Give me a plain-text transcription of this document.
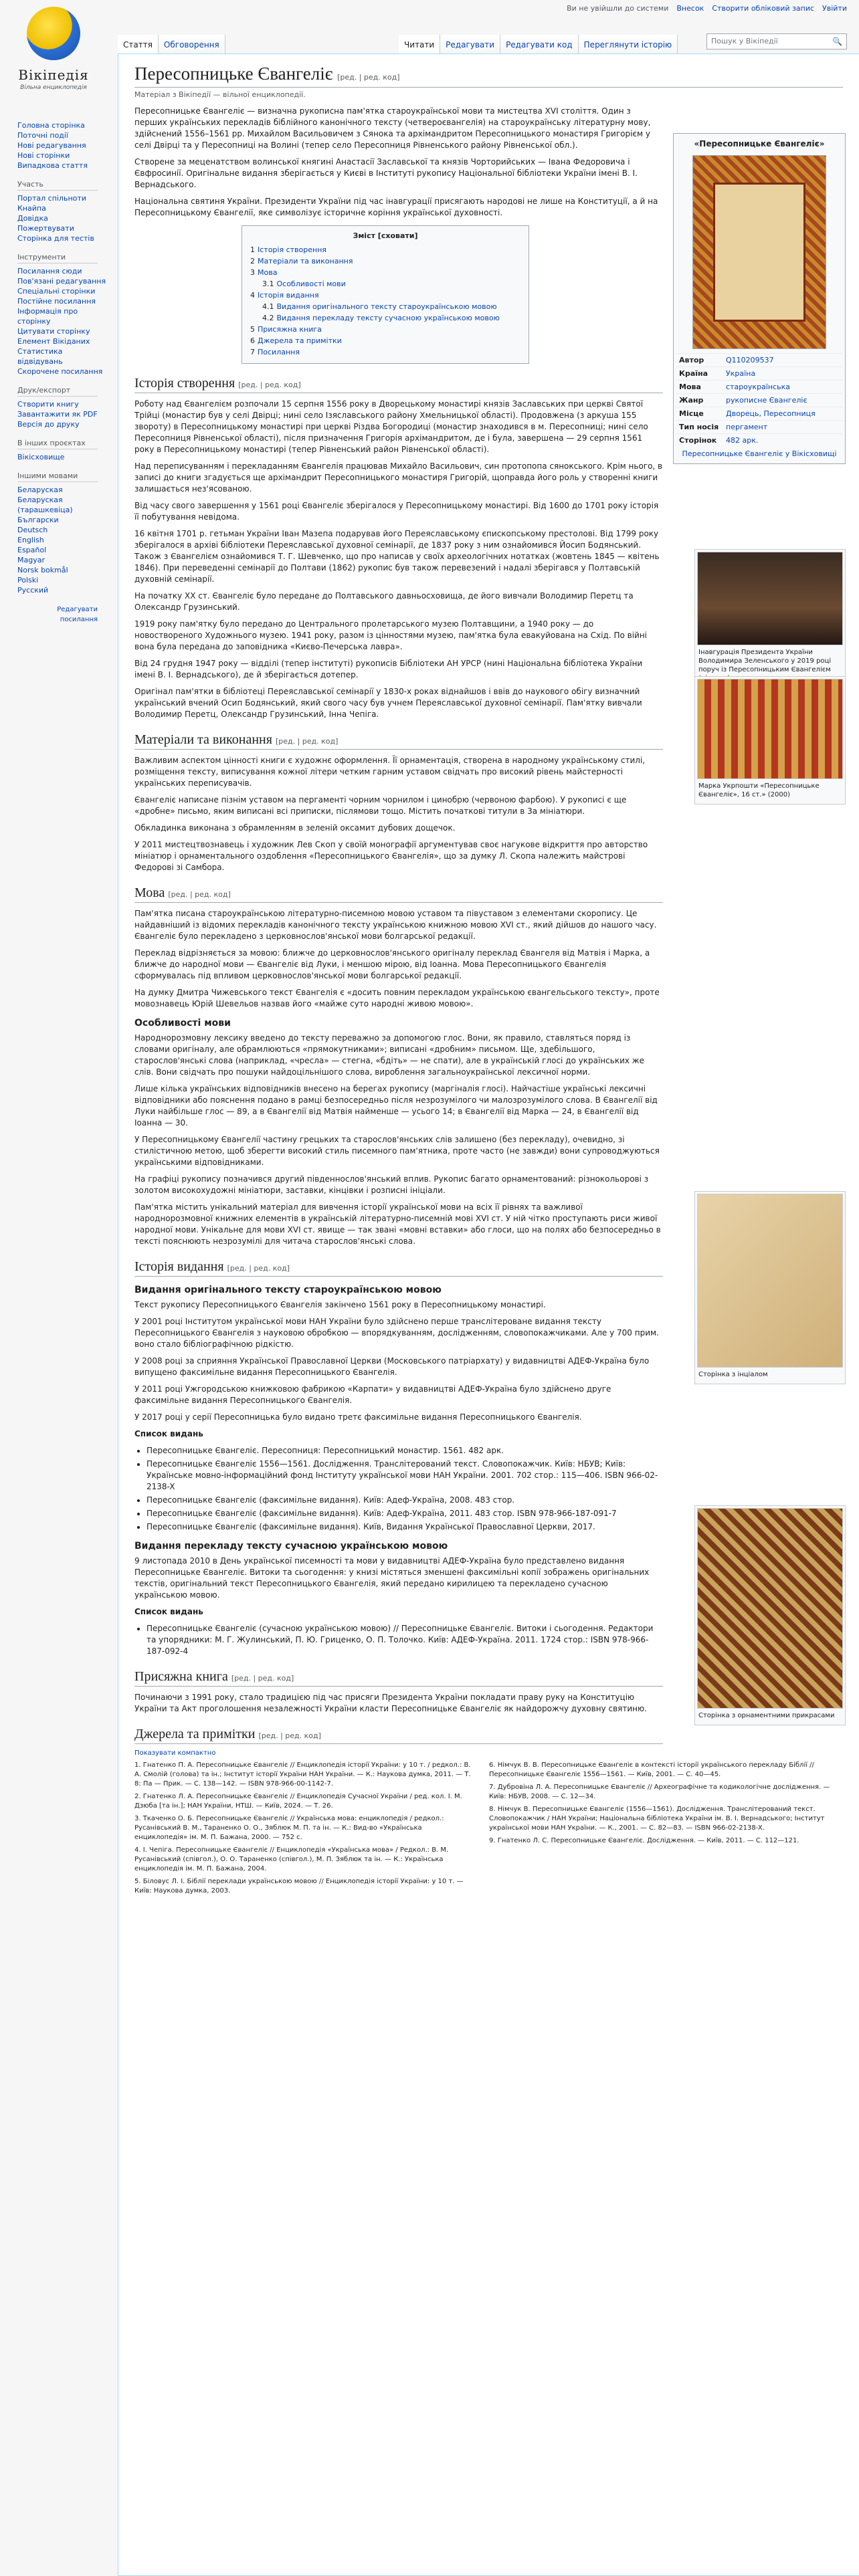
Вікіпедія
Вільна енциклопедія
Ви не увійшли до системи Внесок Створити обліковий запис Увійти
Стаття	Обговорення	Читати	Редагувати	Редагувати код	Переглянути історію	Пошук у Вікіпедії	🔍
Головна сторінка
Поточні події
Нові редагування
Нові сторінки
Випадкова стаття
Участь
Портал спільноти
Кнайпа
Довідка
Пожертвувати
Сторінка для тестів
Інструменти
Посилання сюди
Пов'язані редагування
Спеціальні сторінки
Постійне посилання
Інформація про сторінку
Цитувати сторінку
Елемент Вікіданих
Статистика відвідувань
Скорочене посилання
Друк/експорт
Створити книгу
Завантажити як PDF
Версія до друку
В інших проєктах
Вікісховище
Іншими мовами
Беларуская
Беларуская (тарашкевіца)
Български
Deutsch
English
Español
Magyar
Norsk bokmål
Polski
Русский
Редагувати посилання
Пересопницьке Євангеліє [ред. | ред. код]
Матеріал з Вікіпедії — вільної енциклопедії.
«Пересопницьке Євангеліє»
Автор	Q110209537
Країна	Україна
Мова	староукраїнська
Жанр	рукописне Євангеліє
Місце	Дворець, Пересопниця
Тип носія	пергамент
Сторінок	482 арк.
Пересопницьке Євангеліє у Вікісховищі
Інавгурація Президента України Володимира Зеленського у 2019 році поруч із Пересопницьким Євангелієм
Марка Укрпошти «Пересопницьке Євангеліє», 16 ст.» (2000)
Сторінка з інціалом
Сторінка з орнаментними прикрасами

Пересопницьке Євангеліє — визначна рукописна пам'ятка староукраїнської мови та мистецтва XVI століття. Один з перших українських перекладів біблійного канонічного тексту (четвероєвангелія) на староукраїнську літературну мову, здійснений 1556–1561 рр. Михайлом Васильовичем з Сянока та архімандритом Пересопницького монастиря Григорієм у селі Двірці та у Пересопниці на Волині (тепер село Пересопниця Рівненського району Рівненської обл.).

Створене за меценатством волинської княгині Анастасії Заславської та князів Чорторийських — Івана Федоровича і Євфросинії. Оригінальне видання зберігається у Києві в Інституті рукопису Національної бібліотеки України імені В. І. Вернадського.

Національна святиня України. Президенти України під час інавгурації присягають народові не лише на Конституції, а й на Пересопницькому Євангелії, яке символізує історичне коріння української духовності.

Зміст [сховати]
1 Історія створення
2 Матеріали та виконання
3 Мова
3.1 Особливості мови
4 Історія видання
4.1 Видання оригінального тексту староукраїнською мовою
4.2 Видання перекладу тексту сучасною українською мовою
5 Присяжна книга
6 Джерела та примітки
7 Посилання
Історія створення [ред. | ред. код]

Роботу над Євангелієм розпочали 15 серпня 1556 року в Дворецькому монастирі князів Заславських при церкві Святої Трійці (монастир був у селі Двірці; нині село Ізяславського району Хмельницької області). Продовжена (з аркуша 155 звороту) в Пересопницькому монастирі при церкві Різдва Богородиці (монастир знаходився в м. Пересопниці; нині село Пересопниця Рівненської області), після призначення Григорія архімандритом, де і була, завершена — 29 серпня 1561 року в Пересопницькому монастирі (тепер Рівненський район Рівненської області).

Над переписуванням і перекладанням Євангелія працював Михайло Васильович, син протопопа сянокського. Крім нього, в записі до книги згадується ще архімандрит Пересопницького монастиря Григорій, щоправда його роль у створенні книги залишається нез'ясованою.

Від часу свого завершення у 1561 році Євангеліє зберігалося у Пересопницькому монастирі. Від 1600 до 1701 року історія її побутування невідома.

16 квітня 1701 р. гетьман України Іван Мазепа подарував його Переяславському єпископському престолові. Від 1799 року зберігалося в архіві бібліотеки Переяславської духовної семінарії, де 1837 року з ним ознайомився Йосип Бодянський. Також з Євангелієм ознайомився Т. Г. Шевченко, що про написав у своїх археологічних нотатках (жовтень 1845 — квітень 1846). При переведенні семінарії до Полтави (1862) рукопис був також перевезений і надалі зберігався у Полтавській духовній семінарії.

На початку XX ст. Євангеліє було передане до Полтавського давньосховища, де його вивчали Володимир Перетц та Олександр Грузинський.

1919 року пам'ятку було передано до Центрального пролетарського музею Полтавщини, а 1940 року — до новоствореного Художнього музею. 1941 року, разом із цінностями музею, пам'ятка була евакуйована на Схід. По війні вона була передана до заповідника «Києво-Печерська лавра».

Від 24 грудня 1947 року — відділі (тепер інституті) рукописів Бібліотеки АН УРСР (нині Національна бібліотека України імені В. І. Вернадського), де й зберігається дотепер.

Оригінал пам'ятки в бібліотеці Переяславської семінарії у 1830-х роках віднайшов і ввів до наукового обігу визначний український вчений Осип Бодянський, який свого часу був учнем Переяславської духовної семінарії. Пам'ятку вивчали Володимир Перетц, Олександр Грузинський, Інна Чепіга.

Матеріали та виконання [ред. | ред. код]

Важливим аспектом цінності книги є художнє оформлення. Її орнаментація, створена в народному українському стилі, розміщення тексту, виписування кожної літери четким гарним уставом свідчать про високий рівень майстерності українських переписувачів.

Євангеліє написане пізнім уставом на пергаменті чорним чорнилом і цинобрю (червоною фарбою). У рукописі є ще «дробне» письмо, яким виписані всі приписки, післямови тощо. Містить початкові титули в 3а мініатюри.

Обкладинка виконана з обрамленням в зеленій оксамит дубових дощечок.

У 2011 мистецтвознавець і художник Лев Скоп у своїй монографії аргументував своє нагукове відкриття про авторство мініатюр і орнаментального оздоблення «Пересопницького Євангелія», що за думку Л. Скопа належить майстрові Федорові зі Самбора.

Мова [ред. | ред. код]

Пам'ятка писана староукраїнською літературно-писемною мовою уставом та півуставом з елементами скоропису. Це найдавніший із відомих перекладів канонічного тексту українською книжною мовою XVI ст., який дійшов до нашого часу. Євангеліє було перекладено з церковнослов'янської мови болгарської редакції.

Переклад відрізняється за мовою: ближче до церковнослов'янського оригіналу переклад Євангеля від Матвія і Марка, а ближче до народної мови — Євангеліє від Луки, і меншою мірою, від Іоанна. Мова Пересопницького Євангелія сформувалась під впливом церковнослов'янської мови болгарської редакції.

На думку Дмитра Чижевського текст Євангелія є «досить повним перекладом українською євангельського тексту», проте мовознавець Юрій Шевельов назвав його «майже суто народні живою мовою».

Особливості мови

Народнорозмовну лексику введено до тексту переважно за допомогою глос. Вони, як правило, ставляться поряд із словами оригіналу, але обрамлюються «прямокутниками»; виписані «дробним» письмом. Ще, здебільшого, старослов'янські слова (наприклад, «чресла» — стегна, «бдіть» — не спати), але в українській глосі до українських же слів. Вони свідчать про пошуки найдоцільнішого слова, вироблення загальноукраїнської лексичної норми.

Лише кілька українських відповідників внесено на берегах рукопису (маргіналія глосі). Найчастіше українські лексичні відповідники або пояснення подано в рамці безпосередньо після незрозумілого чи малозрозумілого слова. В Євангелії від Луки найбільше глос — 89, а в Євангелії від Матвія найменше — усього 14; в Євангелії від Марка — 24, в Євангелії від Іоанна — 30.

У Пересопницькому Євангелії частину грецьких та старослов'янських слів залишено (без перекладу), очевидно, зі стилістичною метою, щоб зберегти високий стиль писемного пам'ятника, проте часто (не завжди) вони супроводжуються українськими відповідниками.

На графіці рукопису позначився другий південнослов'янський вплив. Рукопис багато орнаментований: різнокольорові з золотом високохудожні мініатюри, заставки, кінцівки і розписні ініціали.

Пам'ятка містить унікальний матеріал для вивчення історії української мови на всіх її рівнях та важливої народнорозмовної книжних елементів в українській літературно-писемній мові XVI ст. У ній чітко проступають риси живої народної мови. Унікальне для мови XVI ст. явище — так звані «мовні вставки» або глоси, що на полях або безпосередньо в тексті пояснюють незрозумілі для читача старослов'янські слова.

Історія видання [ред. | ред. код]
Видання оригінального тексту староукраїнською мовою

Текст рукопису Пересопницького Євангелія закінчено 1561 року в Пересопницькому монастирі.

У 2001 році Інститутом української мови НАН України було здійснено перше транслітероване видання тексту Пересопницького Євангелія з науковою обробкою — впорядкуванням, дослідженням, словопокажчиками. Але у 700 прим. воно стало бібліографічною рідкістю.

У 2008 році за сприяння Української Православної Церкви (Московського патріархату) у видавництві АДЕФ-Україна було випущено факсимільне видання Пересопницького Євангелія.

У 2011 році Ужгородською книжковою фабрикою «Карпати» у видавництві АДЕФ-Україна було здійснено друге факсимільне видання Пересопницького Євангелія.

У 2017 році у серії Пересопницька було видано третє факсимільне видання Пересопницького Євангелія.

Список видань

• Пересопницьке Євангеліє. Пересопниця: Пересопницький монастир. 1561. 482 арк.
• Пересопницьке Євангеліє 1556—1561. Дослідження. Транслітерований текст. Словопокажчик. Київ: НБУВ; Київ: Українське мовно-інформаційний фонд Інституту української мови НАН України. 2001. 702 стор.: 115—406. ISBN 966-02-2138-X
• Пересопницьке Євангеліє (факсимільне видання). Київ: Адеф-Україна, 2008. 483 стор.
• Пересопницьке Євангеліє (факсимільне видання). Київ: Адеф-Україна, 2011. 483 стор. ISBN 978-966-187-091-7
• Пересопницьке Євангеліє (факсимільне видання). Київ, Видання Української Православної Церкви, 2017.
Видання перекладу тексту сучасною українською мовою

9 листопада 2010 в День української писемності та мови у видавництві АДЕФ-Україна було представлено видання Пересопницьке Євангеліє. Витоки та сьогодення: у книзі містяться зменшені факсимільні копії зображень оригінальних текстів, оригінальний текст Пересопницького Євангелія, який передано кирилицею та перекладено сучасною українською мовою.

Список видань

• Пересопницьке Євангеліє (сучасною українською мовою) // Пересопницьке Євангеліє. Витоки і сьогодення. Редактори та упорядники: М. Г. Жулинський, П. Ю. Гриценко, О. П. Толочко. Київ: АДЕФ-Україна. 2011. 1724 стор.: ISBN 978-966-187-092-4
Присяжна книга [ред. | ред. код]

Починаючи з 1991 року, стало традицією під час присяги Президента України покладати праву руку на Конституцію України та Акт проголошення незалежності України класти Пересопницьке Євангеліє як найдорожчу духовну святиню.

Джерела та примітки [ред. | ред. код]
Показувати компактно
1. Гнатенко П. А. Пересопницьке Євангеліє // Енциклопедія історії України: у 10 т. / редкол.: В. А. Смолій (голова) та ін.; Інститут історії України НАН України. — К.: Наукова думка, 2011. — Т. 8: Па — Прик. — С. 138—142. — ISBN 978-966-00-1142-7.
2. Гнатенко Л. А. Пересопницьке Євангеліє // Енциклопедія Сучасної України / ред. кол. І. М. Дзюба [та ін.]; НАН України, НТШ. — Київ, 2024. — Т. 26.
3. Ткаченко О. Б. Пересопницьке Євангеліє // Українська мова: енциклопедія / редкол.: Русанівський В. М., Тараненко О. О., Зяблюк М. П. та ін. — К.: Вид-во «Українська енциклопедія» ім. М. П. Бажана, 2000. — 752 с.
4. І. Чепіга. Пересопницьке Євангеліє // Енциклопедія «Українська мова» / Редкол.: В. М. Русанівський (співгол.), О. О. Тараненко (співгол.), М. П. Зяблюк та ін. — К.: Українська енциклопедія ім. М. П. Бажана, 2004.
5. Біловус Л. І. Біблії переклади українською мовою // Енциклопедія історії України: у 10 т. — Київ: Наукова думка, 2003.
6. Німчук В. В. Пересопницьке Євангеліє в контексті історії українського перекладу Біблії // Пересопницьке Євангеліє 1556—1561. — Київ, 2001. — С. 40—45.
7. Дубровіна Л. А. Пересопницьке Євангеліє // Археографічне та кодикологічне дослідження. — Київ: НБУВ, 2008. — С. 12—34.
8. Німчук В. Пересопницьке Євангеліє (1556—1561). Дослідження. Транслітерований текст. Словопокажчик / НАН України; Національна бібліотека України ім. В. І. Вернадського; Інститут української мови НАН України. — К., 2001. — С. 82—83. — ISBN 966-02-2138-X.
9. Гнатенко Л. С. Пересопницьке Євангеліє. Дослідження. — Київ, 2011. — С. 112—121.
